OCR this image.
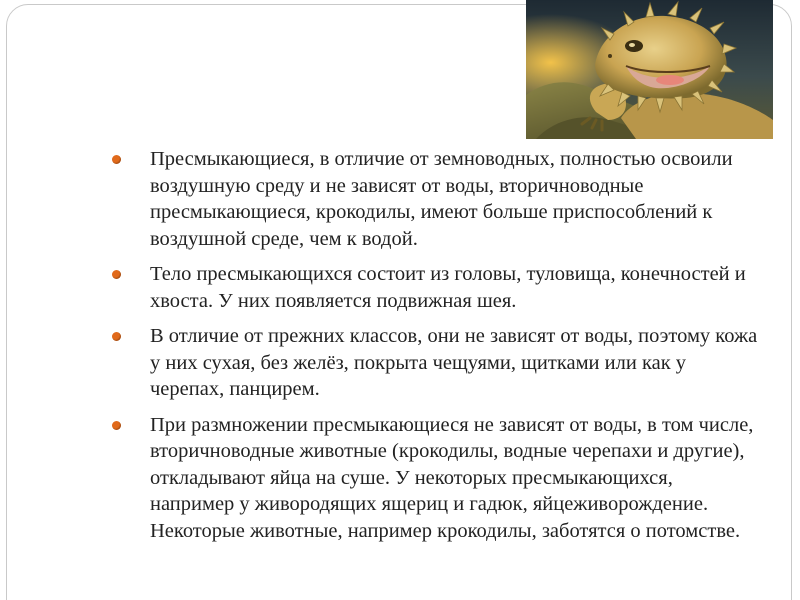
Пресмыкающиеся, в отличие от земноводных, полностью освоили воздушную среду и не зависят от воды, вторичноводные пресмыкающиеся, крокодилы, имеют больше приспособлений к воздушной среде, чем к водой.
Тело пресмыкающихся состоит из головы, туловища, конечностей и хвоста. У них появляется подвижная шея.
В отличие от прежних классов, они не зависят от воды, поэтому кожа у них сухая, без желёз, покрыта чещуями, щитками или как у черепах, панцирем.
При размножении пресмыкающиеся не зависят от воды, в том числе, вторичноводные животные (крокодилы, водные черепахи и другие), откладывают яйца на суше. У некоторых пресмыкающихся, например у живородящих ящериц и гадюк, яйцеживорождение. Некоторые животные, например крокодилы, заботятся о потомстве.
